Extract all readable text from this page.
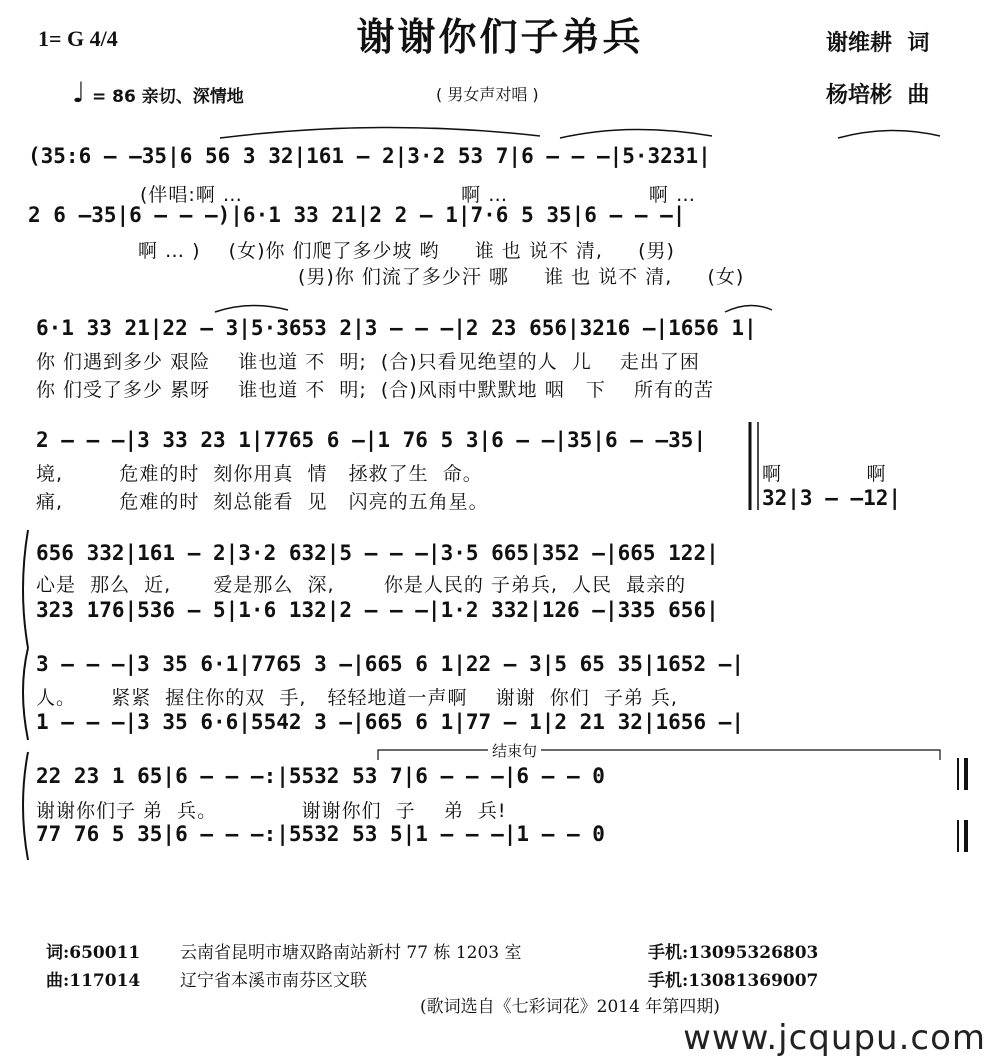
1= G 4/4	谢谢你们子弟兵	谢维耕  词
杨培彬  曲
♩ = 86 亲切、深情地	( 男女声对唱 )
(35:6 — —35|6 56 3 32|161 — 2|3·2 53 7|6 — — —|5·3231|
(伴唱:啊 …                               啊 …                    啊 …
2 6 —35|6 — — —)|6·1 33 21|2 2 — 1|7·6 5 35|6 — — —|
啊 … )    (女)你 们爬了多少坡 哟     谁 也 说不 清,     (男)
(男)你 们流了多少汗 哪     谁 也 说不 清,     (女)
6·1 33 21|22 — 3|5·3653 2|3 — — —|2 23 656|3216 —|1656 1|
你 们遇到多少 艰险    谁也道 不  明;  (合)只看见绝望的人  儿    走出了困
你 们受了多少 累呀    谁也道 不  明;  (合)风雨中默默地 咽   下    所有的苦
2 — — —|3 33 23 1|7765 6 —|1 76 5 3|6 — —|35|6 — —35|
境,        危难的时  刻你用真  情   拯救了生  命。	啊            啊
痛,        危难的时  刻总能看  见   闪亮的五角星。	32|3 — —12|
656 332|161 — 2|3·2 632|5 — — —|3·5 665|352 —|665 122|
心是  那么  近,      爱是那么  深,       你是人民的 子弟兵,  人民  最亲的
323 176|536 — 5|1·6 132|2 — — —|1·2 332|126 —|335 656|
3 — — —|3 35 6·1|7765 3 —|665 6 1|22 — 3|5 65 35|1652 —|
人。     紧紧  握住你的双  手,   轻轻地道一声啊    谢谢  你们  子弟 兵,
1 — — —|3 35 6·6|5542 3 —|665 6 1|77 — 1|2 21 32|1656 —|
结束句
22 23 1 65|6 — — —:|5532 53 7|6 — — —|6 — — 0
谢谢你们子 弟  兵。            谢谢你们  子    弟  兵!
77 76 5 35|6 — — —:|5532 53 5|1 — — —|1 — — 0
词:650011 云南省昆明市塘双路南站新村 77 栋 1203 室	手机:13095326803
曲:117014 辽宁省本溪市南芬区文联	手机:13081369007
(歌词选自《七彩词花》2014 年第四期)
www.jcqupu.com
